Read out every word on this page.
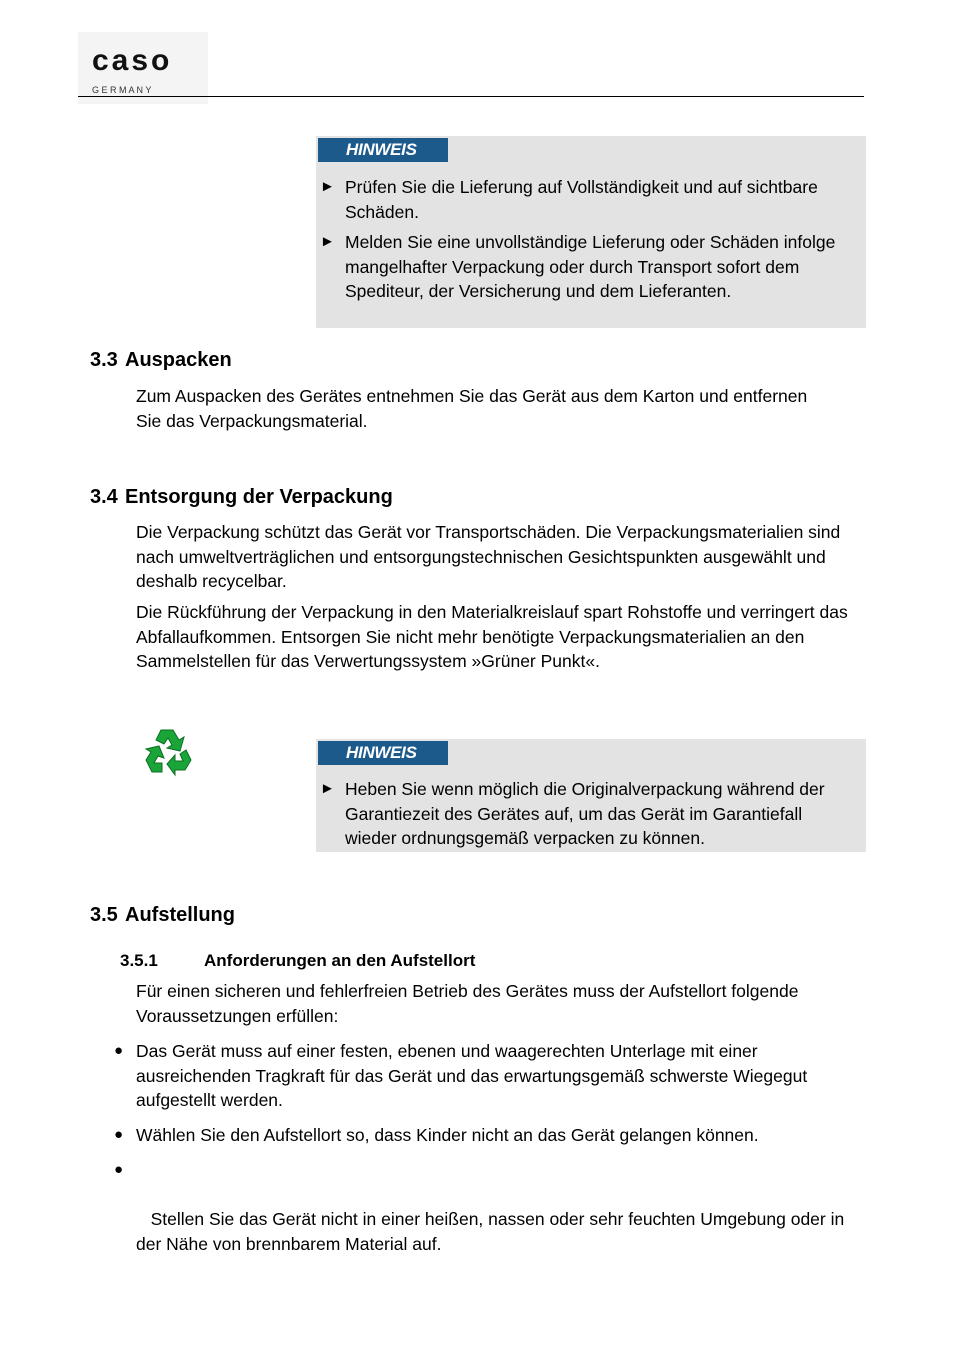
caso
G E R M A N Y
HINWEIS
► Prüfen Sie die Lieferung auf Vollständigkeit und auf sichtbare Schäden.
► Melden Sie eine unvollständige Lieferung oder Schäden infolge mangelhafter Verpackung oder durch Transport sofort dem Spediteur, der Versicherung und dem Lieferanten.
3.3 Auspacken
Zum Auspacken des Gerätes entnehmen Sie das Gerät aus dem Karton und entfernen Sie das Verpackungsmaterial.
3.4 Entsorgung der Verpackung
Die Verpackung schützt das Gerät vor Transportschäden. Die Verpackungsmaterialien sind nach umweltverträglichen und entsorgungstechnischen Gesichtspunkten ausgewählt und deshalb recycelbar.
Die Rückführung der Verpackung in den Materialkreislauf spart Rohstoffe und verringert das Abfallaufkommen. Entsorgen Sie nicht mehr benötigte Verpackungsmaterialien an den Sammelstellen für das Verwertungssystem »Grüner Punkt«.
HINWEIS
► Heben Sie wenn möglich die Originalverpackung während der Garantiezeit des Gerätes auf, um das Gerät im Garantiefall wieder ordnungsgemäß verpacken zu können.
3.5 Aufstellung
3.5.1	Anforderungen an den Aufstellort
Für einen sicheren und fehlerfreien Betrieb des Gerätes muss der Aufstellort folgende Voraussetzungen erfüllen:
● Das Gerät muss auf einer festen, ebenen und waagerechten Unterlage mit einer ausreichenden Tragkraft für das Gerät und das erwartungsgemäß schwerste Wiegegut aufgestellt werden.
● Wählen Sie den Aufstellort so, dass Kinder nicht an das Gerät gelangen können.

●

Stellen Sie das Gerät nicht in einer heißen, nassen oder sehr feuchten Umgebung oder in der Nähe von brennbarem Material auf.
